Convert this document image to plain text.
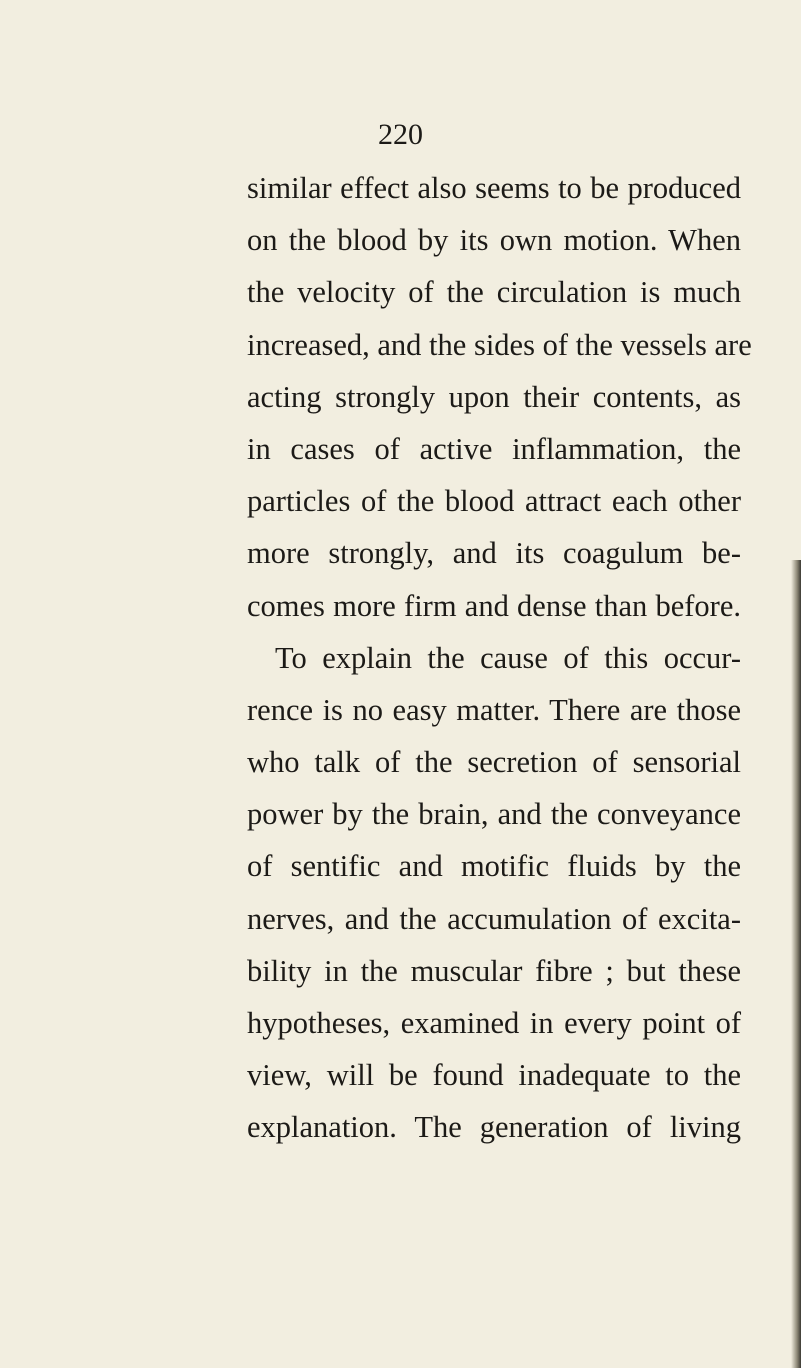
220
similar effect also seems to be produced
on the blood by its own motion. When
the velocity of the circulation is much
increased, and the sides of the vessels are
acting strongly upon their contents, as
in cases of active inflammation, the
particles of the blood attract each other
more strongly, and its coagulum be-
comes more firm and dense than before.
To explain the cause of this occur-
rence is no easy matter. There are those
who talk of the secretion of sensorial
power by the brain, and the conveyance
of sentific and motific fluids by the
nerves, and the accumulation of excita-
bility in the muscular fibre ; but these
hypotheses, examined in every point of
view, will be found inadequate to the
explanation. The generation of living
